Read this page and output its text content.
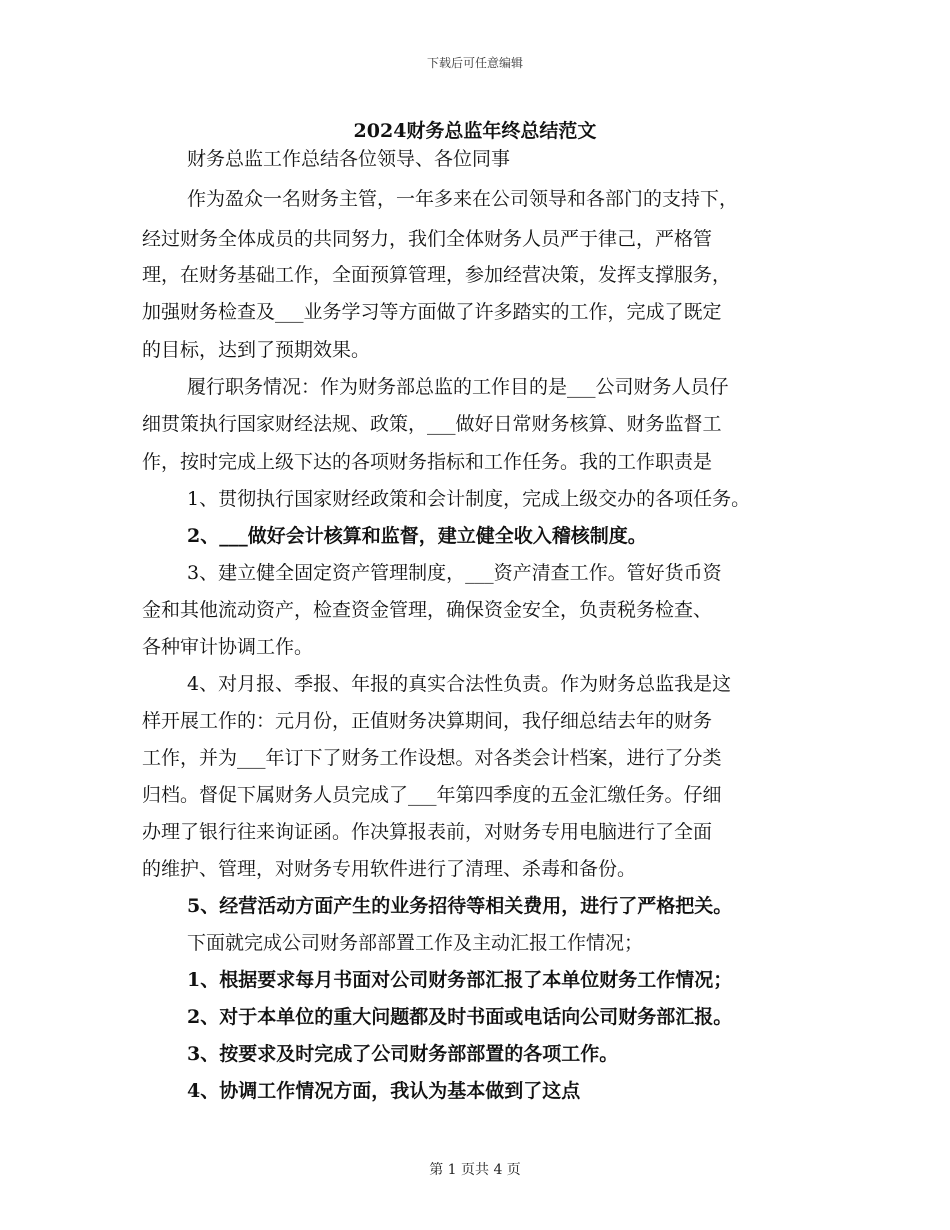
下载后可任意编辑
2024财务总监年终总结范文
财务总监工作总结各位领导、各位同事
作为盈众一名财务主管，一年多来在公司领导和各部门的支持下，
经过财务全体成员的共同努力，我们全体财务人员严于律己，严格管
理，在财务基础工作，全面预算管理，参加经营决策，发挥支撑服务，
加强财务检查及___业务学习等方面做了许多踏实的工作，完成了既定
的目标，达到了预期效果。
履行职务情况：作为财务部总监的工作目的是___公司财务人员仔
细贯策执行国家财经法规、政策，___做好日常财务核算、财务监督工
作，按时完成上级下达的各项财务指标和工作任务。我的工作职责是
1、贯彻执行国家财经政策和会计制度，完成上级交办的各项任务。
2、___做好会计核算和监督，建立健全收入稽核制度。
3、建立健全固定资产管理制度，___资产清查工作。管好货币资
金和其他流动资产，检查资金管理，确保资金安全，负责税务检查、
各种审计协调工作。
4、对月报、季报、年报的真实合法性负责。作为财务总监我是这
样开展工作的：元月份，正值财务决算期间，我仔细总结去年的财务
工作，并为___年订下了财务工作设想。对各类会计档案，进行了分类
归档。督促下属财务人员完成了___年第四季度的五金汇缴任务。仔细
办理了银行往来询证函。作决算报表前，对财务专用电脑进行了全面
的维护、管理，对财务专用软件进行了清理、杀毒和备份。
5、经营活动方面产生的业务招待等相关费用，进行了严格把关。
下面就完成公司财务部部置工作及主动汇报工作情况；
1、根据要求每月书面对公司财务部汇报了本单位财务工作情况；
2、对于本单位的重大问题都及时书面或电话向公司财务部汇报。
3、按要求及时完成了公司财务部部置的各项工作。
4、协调工作情况方面，我认为基本做到了这点
第 1 页共 4 页
